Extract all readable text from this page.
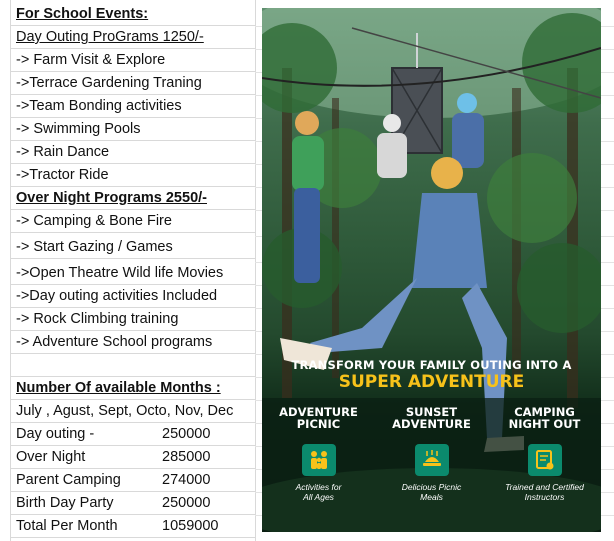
For School Events:
Day Outing ProGrams 1250/-
-> Farm Visit & Explore
->Terrace Gardening Traning
->Team Bonding activities
-> Swimming Pools
-> Rain Dance
->Tractor Ride
Over Night Programs 2550/-
-> Camping & Bone Fire
-> Start Gazing / Games
->Open Theatre Wild life Movies
->Day outing activities Included
-> Rock Climbing training
-> Adventure School programs
Number Of available Months :
July , Agust, Sept, Octo, Nov, Dec
Day outing -	250000
Over Night	285000
Parent Camping	274000
Birth Day Party	250000
Total Per Month	1059000
TRANSFORM YOUR FAMILY OUTING INTO A
SUPER ADVENTURE
ADVENTURE
PICNIC
SUNSET
ADVENTURE
CAMPING
NIGHT OUT
Activities for
All Ages
Delicious Picnic
Meals
Trained and Certified
Instructors
